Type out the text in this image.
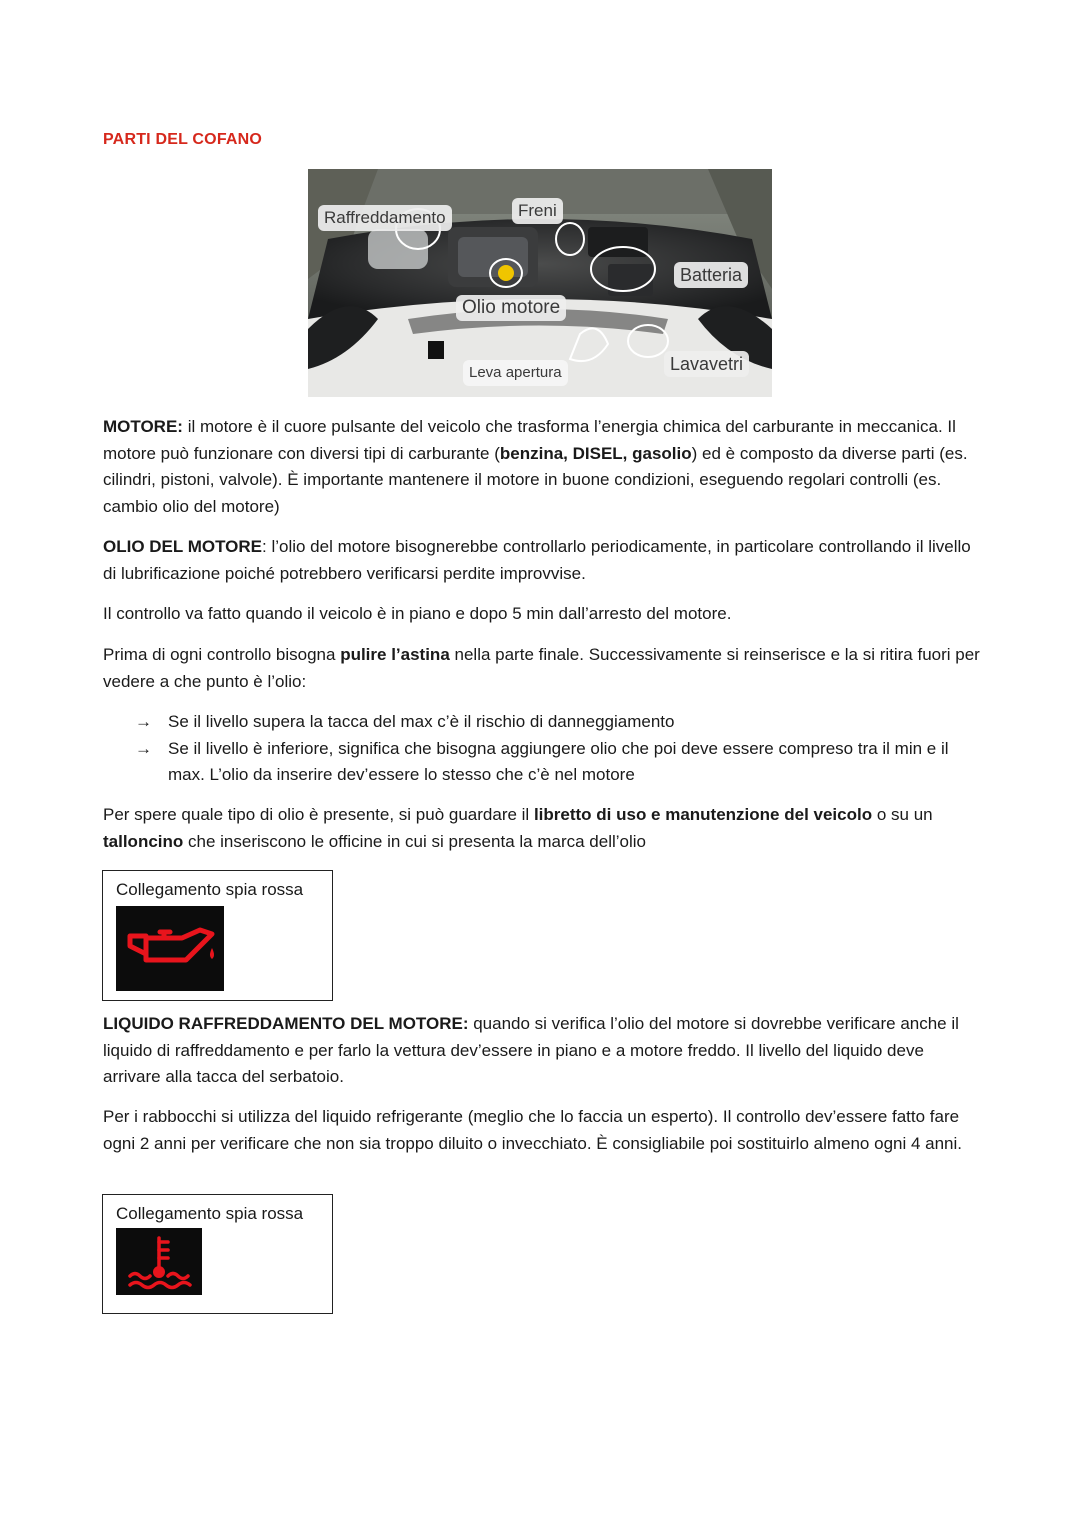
PARTI DEL COFANO
Raffreddamento	Freni
Batteria
Olio motore
Leva apertura	Lavavetri
MOTORE: il motore è il cuore pulsante del veicolo che trasforma l’energia chimica del carburante in meccanica. Il motore può funzionare con diversi tipi di carburante (benzina, DISEL, gasolio) ed è composto da diverse parti (es. cilindri, pistoni, valvole). È importante mantenere il motore in buone condizioni, eseguendo regolari controlli (es. cambio olio del motore)
OLIO DEL MOTORE: l’olio del motore bisognerebbe controllarlo periodicamente, in particolare controllando il livello di lubrificazione poiché potrebbero verificarsi perdite improvvise.
Il controllo va fatto quando il veicolo è in piano e dopo 5 min dall’arresto del motore.
Prima di ogni controllo bisogna pulire l’astina nella parte finale. Successivamente si reinserisce e la si ritira fuori per vedere a che punto è l’olio:
→ Se il livello supera la tacca del max c’è il rischio di danneggiamento
→ Se il livello è inferiore, significa che bisogna aggiungere olio che poi deve essere compreso tra il min e il max. L’olio da inserire dev’essere lo stesso che c’è nel motore
Per spere quale tipo di olio è presente, si può guardare il libretto di uso e manutenzione del veicolo o su un talloncino che inseriscono le officine in cui si presenta la marca dell’olio
Collegamento spia rossa
LIQUIDO RAFFREDDAMENTO DEL MOTORE: quando si verifica l’olio del motore si dovrebbe verificare anche il liquido di raffreddamento e per farlo la vettura dev’essere in piano e a motore freddo. Il livello del liquido deve arrivare alla tacca del serbatoio.
Per i rabbocchi si utilizza del liquido refrigerante (meglio che lo faccia un esperto). Il controllo dev’essere fatto fare ogni 2 anni per verificare che non sia troppo diluito o invecchiato. È consigliabile poi sostituirlo almeno ogni 4 anni.
Collegamento spia rossa
